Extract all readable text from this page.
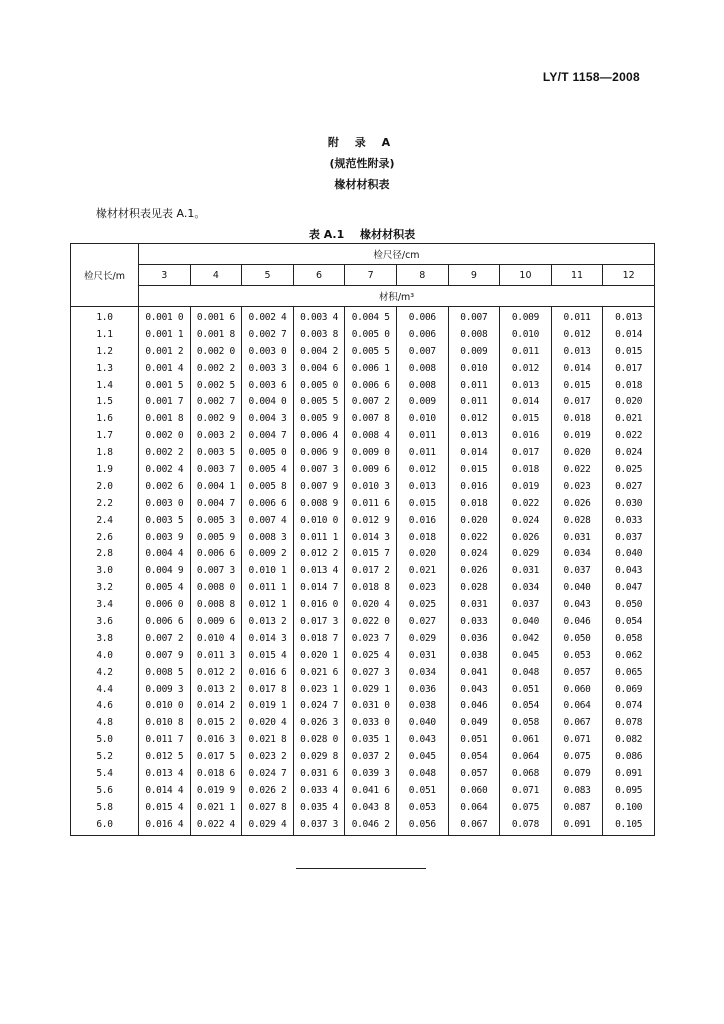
LY/T 1158—2008
附 录 A
(规范性附录)
椽材材积表
椽材材积表见表 A.1。
表 A.1 椽材材积表
检尺长/m	检尺径/cm									
	3	4	5	6	7	8	9	10	11	12
	材积/m³									
1.0	0.001 0	0.001 6	0.002 4	0.003 4	0.004 5	0.006	0.007	0.009	0.011	0.013
1.1	0.001 1	0.001 8	0.002 7	0.003 8	0.005 0	0.006	0.008	0.010	0.012	0.014
1.2	0.001 2	0.002 0	0.003 0	0.004 2	0.005 5	0.007	0.009	0.011	0.013	0.015
1.3	0.001 4	0.002 2	0.003 3	0.004 6	0.006 1	0.008	0.010	0.012	0.014	0.017
1.4	0.001 5	0.002 5	0.003 6	0.005 0	0.006 6	0.008	0.011	0.013	0.015	0.018
1.5	0.001 7	0.002 7	0.004 0	0.005 5	0.007 2	0.009	0.011	0.014	0.017	0.020
1.6	0.001 8	0.002 9	0.004 3	0.005 9	0.007 8	0.010	0.012	0.015	0.018	0.021
1.7	0.002 0	0.003 2	0.004 7	0.006 4	0.008 4	0.011	0.013	0.016	0.019	0.022
1.8	0.002 2	0.003 5	0.005 0	0.006 9	0.009 0	0.011	0.014	0.017	0.020	0.024
1.9	0.002 4	0.003 7	0.005 4	0.007 3	0.009 6	0.012	0.015	0.018	0.022	0.025
2.0	0.002 6	0.004 1	0.005 8	0.007 9	0.010 3	0.013	0.016	0.019	0.023	0.027
2.2	0.003 0	0.004 7	0.006 6	0.008 9	0.011 6	0.015	0.018	0.022	0.026	0.030
2.4	0.003 5	0.005 3	0.007 4	0.010 0	0.012 9	0.016	0.020	0.024	0.028	0.033
2.6	0.003 9	0.005 9	0.008 3	0.011 1	0.014 3	0.018	0.022	0.026	0.031	0.037
2.8	0.004 4	0.006 6	0.009 2	0.012 2	0.015 7	0.020	0.024	0.029	0.034	0.040
3.0	0.004 9	0.007 3	0.010 1	0.013 4	0.017 2	0.021	0.026	0.031	0.037	0.043
3.2	0.005 4	0.008 0	0.011 1	0.014 7	0.018 8	0.023	0.028	0.034	0.040	0.047
3.4	0.006 0	0.008 8	0.012 1	0.016 0	0.020 4	0.025	0.031	0.037	0.043	0.050
3.6	0.006 6	0.009 6	0.013 2	0.017 3	0.022 0	0.027	0.033	0.040	0.046	0.054
3.8	0.007 2	0.010 4	0.014 3	0.018 7	0.023 7	0.029	0.036	0.042	0.050	0.058
4.0	0.007 9	0.011 3	0.015 4	0.020 1	0.025 4	0.031	0.038	0.045	0.053	0.062
4.2	0.008 5	0.012 2	0.016 6	0.021 6	0.027 3	0.034	0.041	0.048	0.057	0.065
4.4	0.009 3	0.013 2	0.017 8	0.023 1	0.029 1	0.036	0.043	0.051	0.060	0.069
4.6	0.010 0	0.014 2	0.019 1	0.024 7	0.031 0	0.038	0.046	0.054	0.064	0.074
4.8	0.010 8	0.015 2	0.020 4	0.026 3	0.033 0	0.040	0.049	0.058	0.067	0.078
5.0	0.011 7	0.016 3	0.021 8	0.028 0	0.035 1	0.043	0.051	0.061	0.071	0.082
5.2	0.012 5	0.017 5	0.023 2	0.029 8	0.037 2	0.045	0.054	0.064	0.075	0.086
5.4	0.013 4	0.018 6	0.024 7	0.031 6	0.039 3	0.048	0.057	0.068	0.079	0.091
5.6	0.014 4	0.019 9	0.026 2	0.033 4	0.041 6	0.051	0.060	0.071	0.083	0.095
5.8	0.015 4	0.021 1	0.027 8	0.035 4	0.043 8	0.053	0.064	0.075	0.087	0.100
6.0	0.016 4	0.022 4	0.029 4	0.037 3	0.046 2	0.056	0.067	0.078	0.091	0.105
